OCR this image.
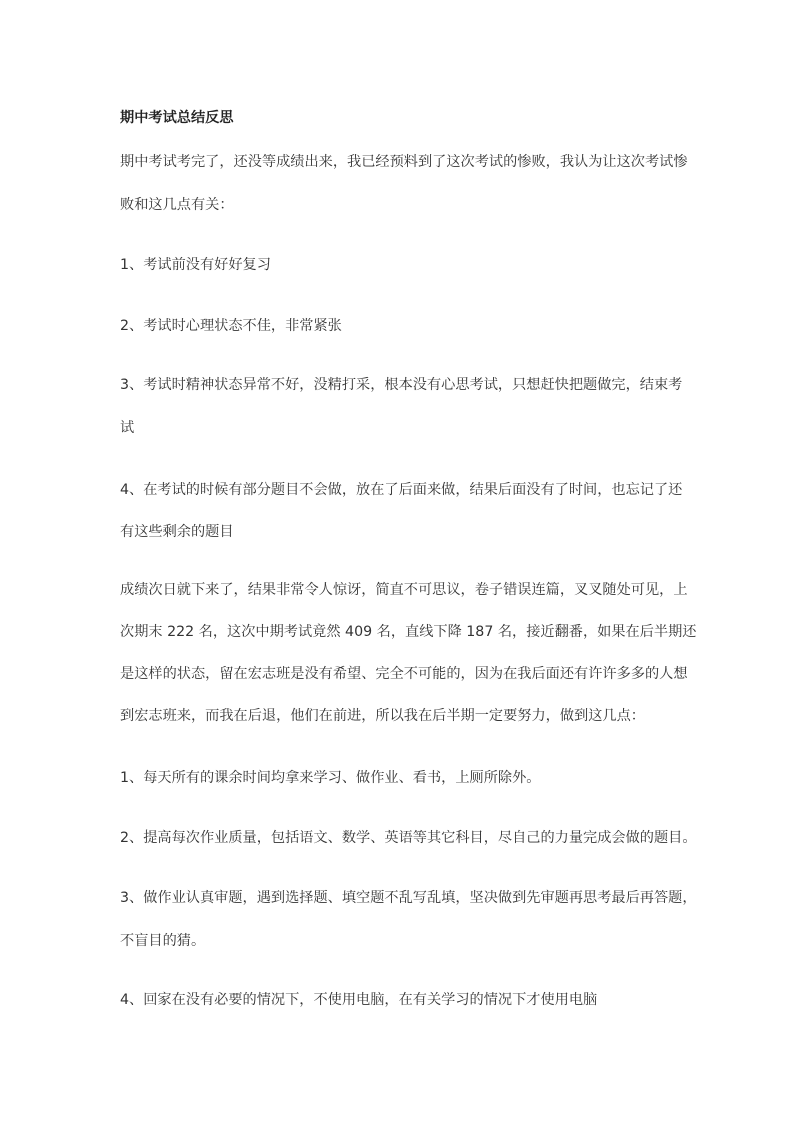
期中考试总结反思
期中考试考完了，还没等成绩出来，我已经预料到了这次考试的惨败，我认为让这次考试惨
败和这几点有关：
1、考试前没有好好复习
2、考试时心理状态不佳，非常紧张
3、考试时精神状态异常不好，没精打采，根本没有心思考试，只想赶快把题做完，结束考
试
4、在考试的时候有部分题目不会做，放在了后面来做，结果后面没有了时间，也忘记了还
有这些剩余的题目
成绩次日就下来了，结果非常令人惊讶，简直不可思议，卷子错误连篇，叉叉随处可见，上
次期末 222 名，这次中期考试竟然 409 名，直线下降 187 名，接近翻番，如果在后半期还
是这样的状态，留在宏志班是没有希望、完全不可能的，因为在我后面还有许许多多的人想
到宏志班来，而我在后退，他们在前进，所以我在后半期一定要努力，做到这几点：
1、每天所有的课余时间均拿来学习、做作业、看书，上厕所除外。
2、提高每次作业质量，包括语文、数学、英语等其它科目，尽自己的力量完成会做的题目。
3、做作业认真审题，遇到选择题、填空题不乱写乱填，坚决做到先审题再思考最后再答题，
不盲目的猜。
4、回家在没有必要的情况下，不使用电脑，在有关学习的情况下才使用电脑
